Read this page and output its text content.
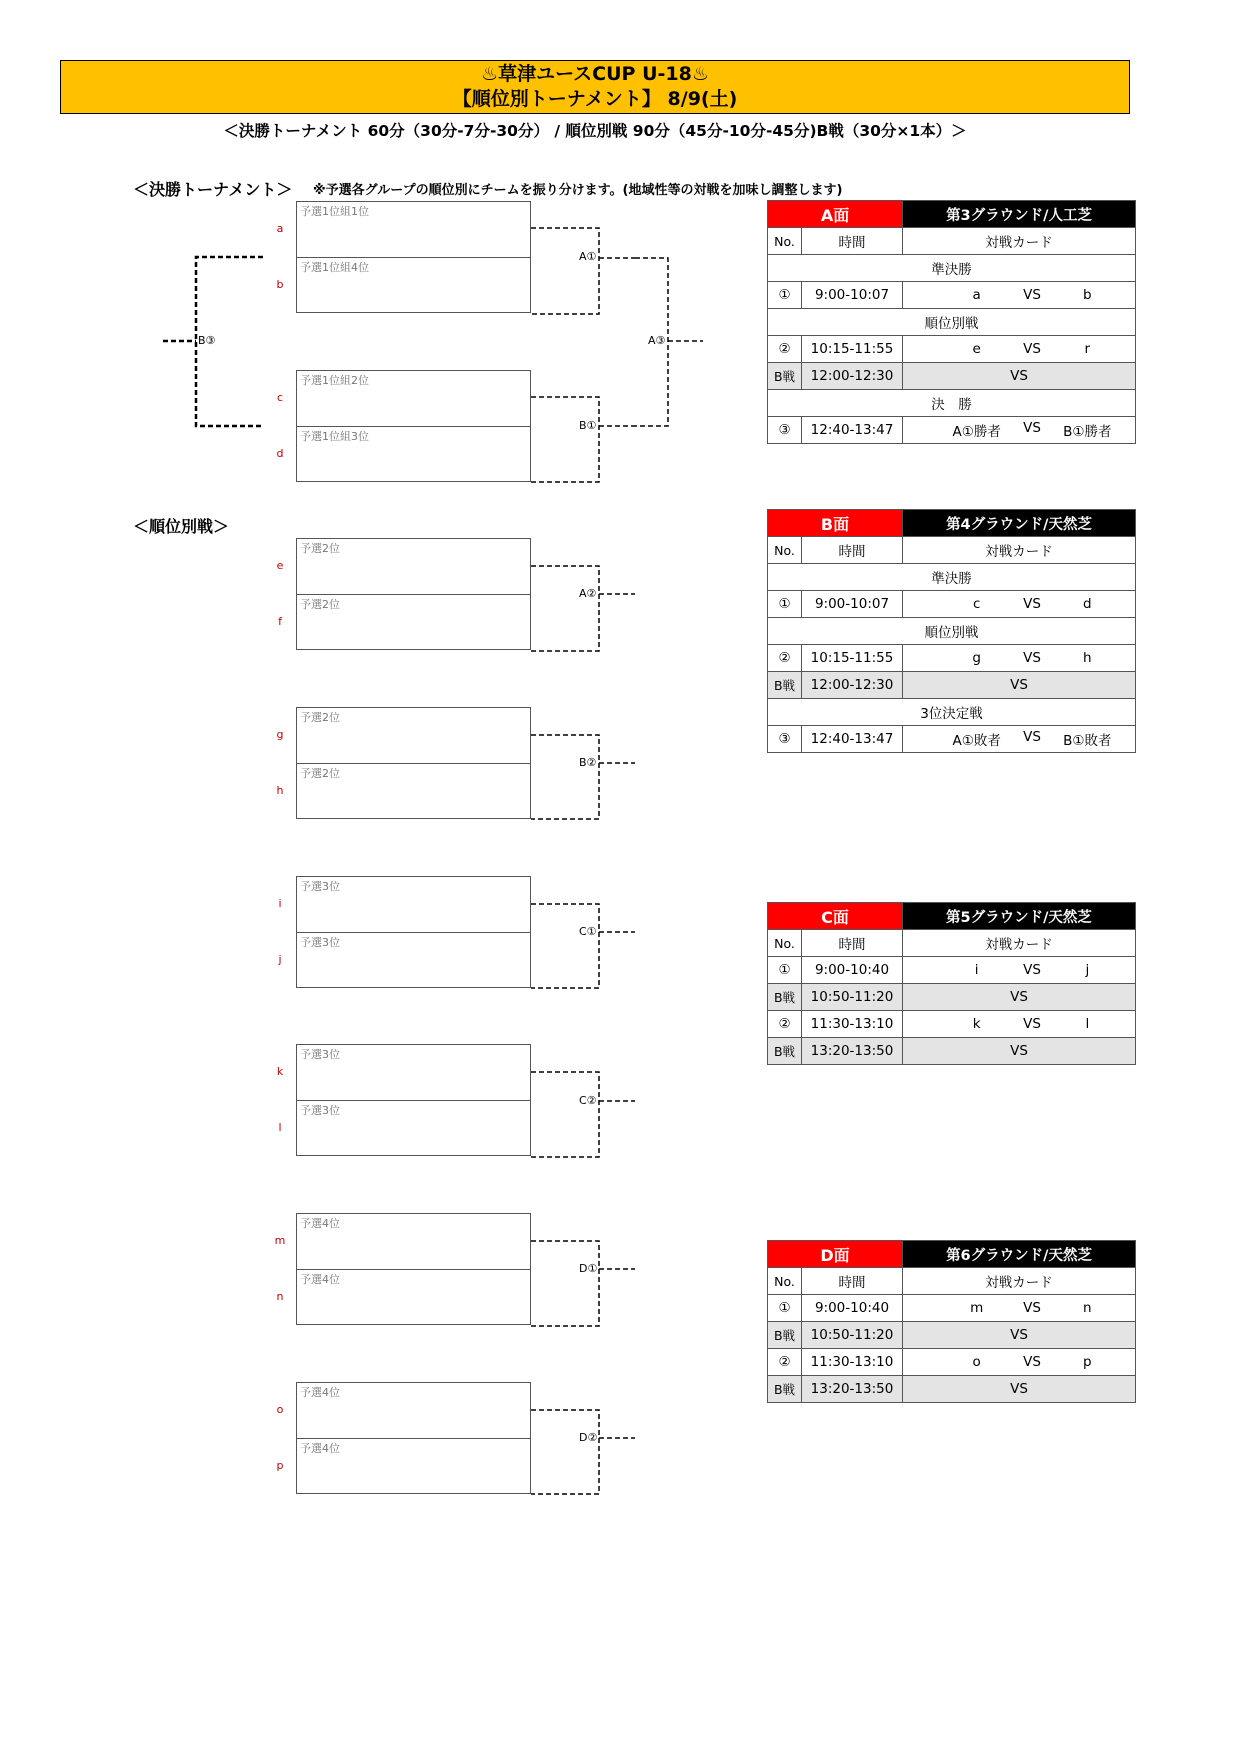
♨草津ユースCUP U-18♨
【順位別トーナメント】 8/9(土)
＜決勝トーナメント 60分（30分-7分-30分） / 順位別戦 90分（45分-10分-45分)B戦（30分×1本）＞
＜決勝トーナメント＞ ※予選各グループの順位別にチームを振り分けます。(地域性等の対戦を加味し調整します)
＜順位別戦＞
予選1位組1位
予選1位組4位
a
b
A①
予選1位組2位
予選1位組3位
c
d
B①
A③
B③
予選2位
予選2位
e
f
A②
予選2位
予選2位
g
h
B②
予選3位
予選3位
i
j
C①
予選3位
予選3位
k
l
C②
予選4位
予選4位
m
n
D①
予選4位
予選4位
o
p
D②
A面		第3グラウンド/人工芝
No.	時間	対戦カード
準決勝		
①	9:00-10:07	a VS b

順位別戦		
②	10:15-11:55	e VS r

B戦	12:00-12:30	VS
決　勝		
③	12:40-13:47	A①勝者 VS B①勝者
B面		第4グラウンド/天然芝
No.	時間	対戦カード
準決勝		
①	9:00-10:07	c VS d

順位別戦		
②	10:15-11:55	g VS h

B戦	12:00-12:30	VS
3位決定戦		
③	12:40-13:47	A①敗者 VS B①敗者
C面		第5グラウンド/天然芝
No.	時間	対戦カード
①	9:00-10:40	i VS j

B戦	10:50-11:20	VS
②	11:30-13:10	k VS l

B戦	13:20-13:50	VS
D面		第6グラウンド/天然芝
No.	時間	対戦カード
①	9:00-10:40	m VS n

B戦	10:50-11:20	VS
②	11:30-13:10	o VS p

B戦	13:20-13:50	VS
